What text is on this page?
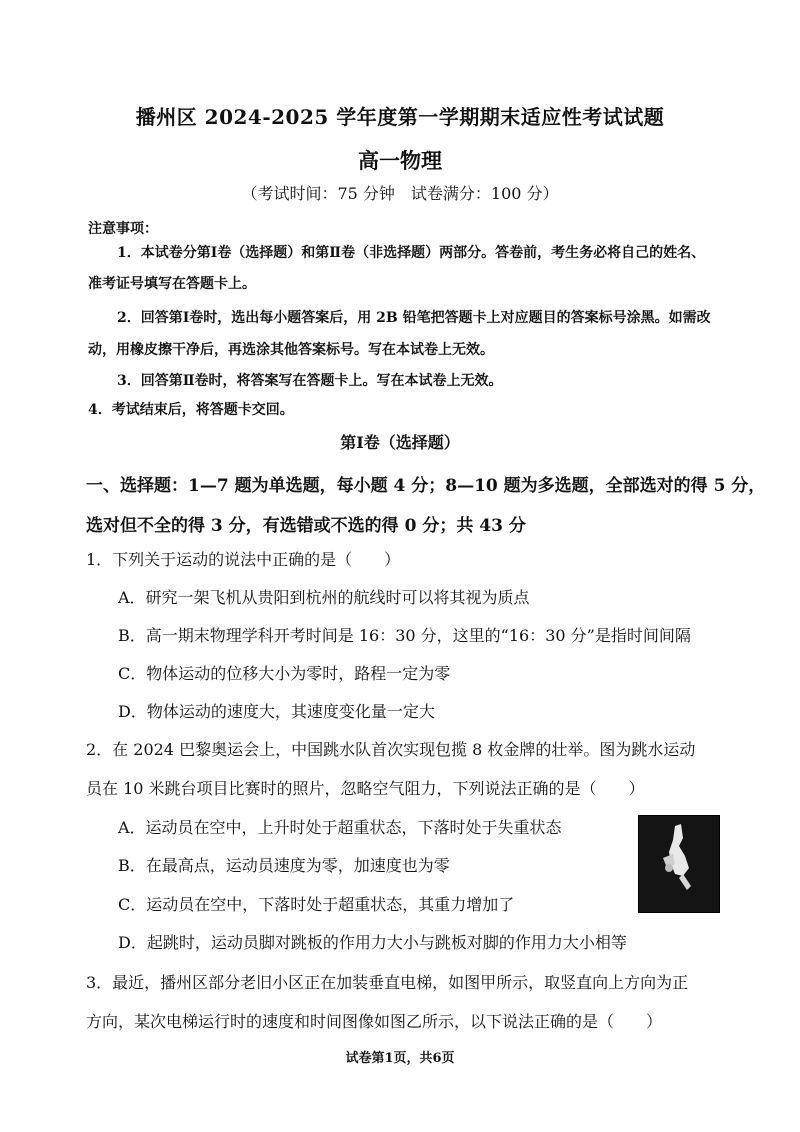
播州区 2024-2025 学年度第一学期期末适应性考试试题
高一物理
（考试时间：75 分钟　试卷满分：100 分）
注意事项：
1．本试卷分第Ⅰ卷（选择题）和第Ⅱ卷（非选择题）两部分。答卷前，考生务必将自己的姓名、
准考证号填写在答题卡上。
2．回答第Ⅰ卷时，选出每小题答案后，用 2B 铅笔把答题卡上对应题目的答案标号涂黑。如需改
动，用橡皮擦干净后，再选涂其他答案标号。写在本试卷上无效。
3．回答第Ⅱ卷时，将答案写在答题卡上。写在本试卷上无效。
4．考试结束后，将答题卡交回。
第Ⅰ卷（选择题）
一、选择题：1—7 题为单选题，每小题 4 分；8—10 题为多选题，全部选对的得 5 分，
选对但不全的得 3 分，有选错或不选的得 0 分；共 43 分
1．下列关于运动的说法中正确的是（　　）
A．研究一架飞机从贵阳到杭州的航线时可以将其视为质点
B．高一期末物理学科开考时间是 16：30 分，这里的“16：30 分”是指时间间隔
C．物体运动的位移大小为零时，路程一定为零
D．物体运动的速度大，其速度变化量一定大
2．在 2024 巴黎奥运会上，中国跳水队首次实现包揽 8 枚金牌的壮举。图为跳水运动
员在 10 米跳台项目比赛时的照片，忽略空气阻力，下列说法正确的是（　　）
A．运动员在空中，上升时处于超重状态，下落时处于失重状态
B．在最高点，运动员速度为零，加速度也为零
C．运动员在空中，下落时处于超重状态，其重力增加了
D．起跳时，运动员脚对跳板的作用力大小与跳板对脚的作用力大小相等
3．最近，播州区部分老旧小区正在加装垂直电梯，如图甲所示，取竖直向上方向为正
方向，某次电梯运行时的速度和时间图像如图乙所示，以下说法正确的是（　　）
试卷第1页，共6页
